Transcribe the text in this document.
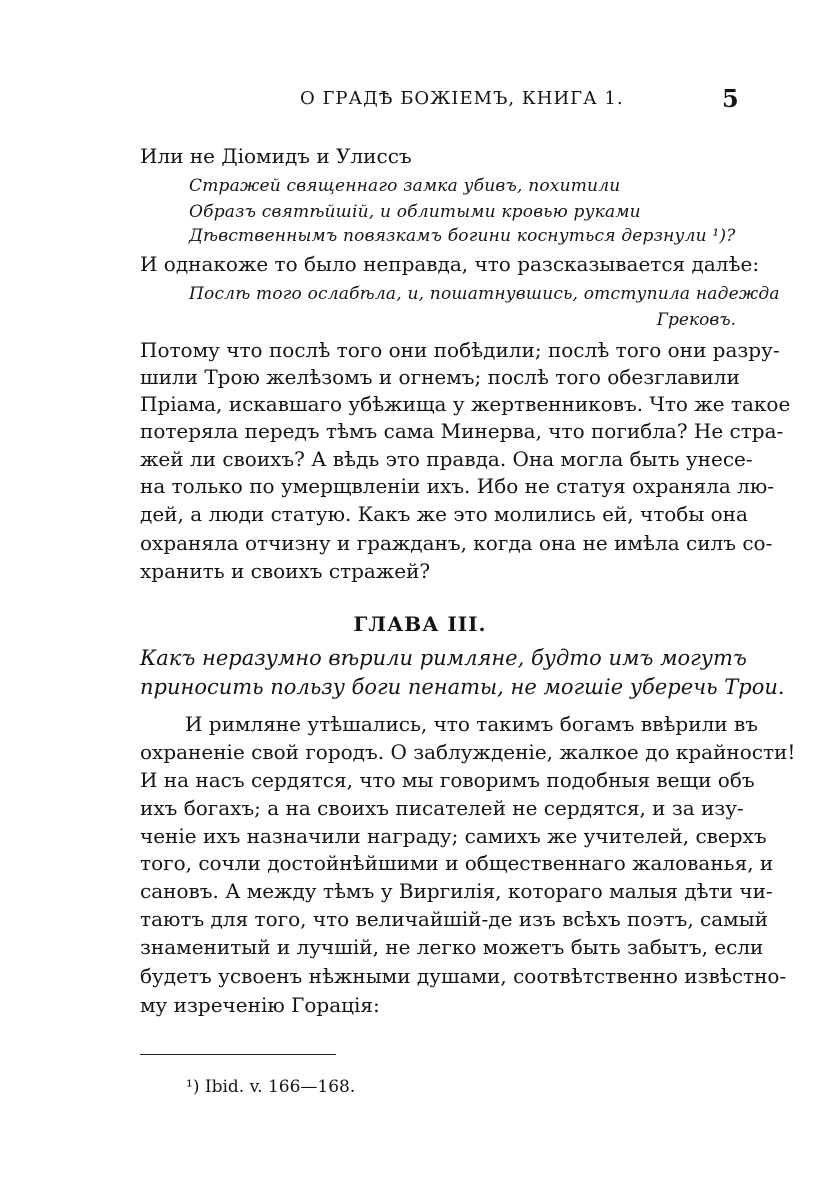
О ГРАДѢ БОЖІЕМЪ, КНИГА 1.	5
Или не Діомидъ и Улиссъ
Стражей священнаго замка убивъ, похитили
Образъ святѣйшій, и облитыми кровью руками
Дѣвственнымъ повязкамъ богини коснуться дерзнули ¹)?
И однакоже то было неправда, что разсказывается далѣе:
Послѣ того ослабѣла, и, пошатнувшись, отступила надежда
Грековъ.
Потому что послѣ того они побѣдили; послѣ того они разру-
шили Трою желѣзомъ и огнемъ; послѣ того обезглавили
Пріама, искавшаго убѣжища у жертвенниковъ. Что же такое
потеряла передъ тѣмъ сама Минерва, что погибла? Не стра-
жей ли своихъ? А вѣдь это правда. Она могла быть унесе-
на только по умерщвленіи ихъ. Ибо не статуя охраняла лю-
дей, а люди статую. Какъ же это молились ей, чтобы она
охраняла отчизну и гражданъ, когда она не имѣла силъ со-
хранить и своихъ стражей?
ГЛАВА III.
Какъ неразумно вѣрили римляне, будто имъ могутъ
приносить пользу боги пенаты, не могшіе уберечь Трои.
И римляне утѣшались, что такимъ богамъ ввѣрили въ
охраненіе свой городъ. О заблужденіе, жалкое до крайности!
И на насъ сердятся, что мы говоримъ подобныя вещи объ
ихъ богахъ; а на своихъ писателей не сердятся, и за изу-
ченіе ихъ назначили награду; самихъ же учителей, сверхъ
того, сочли достойнѣйшими и общественнаго жалованья, и
сановъ. А между тѣмъ у Виргилія, котораго малыя дѣти чи-
таютъ для того, что величайшій-де изъ всѣхъ поэтъ, самый
знаменитый и лучшій, не легко можетъ быть забытъ, если
будетъ усвоенъ нѣжными душами, соотвѣтственно извѣстно-
му изреченію Горація:
¹) Ibid. v. 166—168.
